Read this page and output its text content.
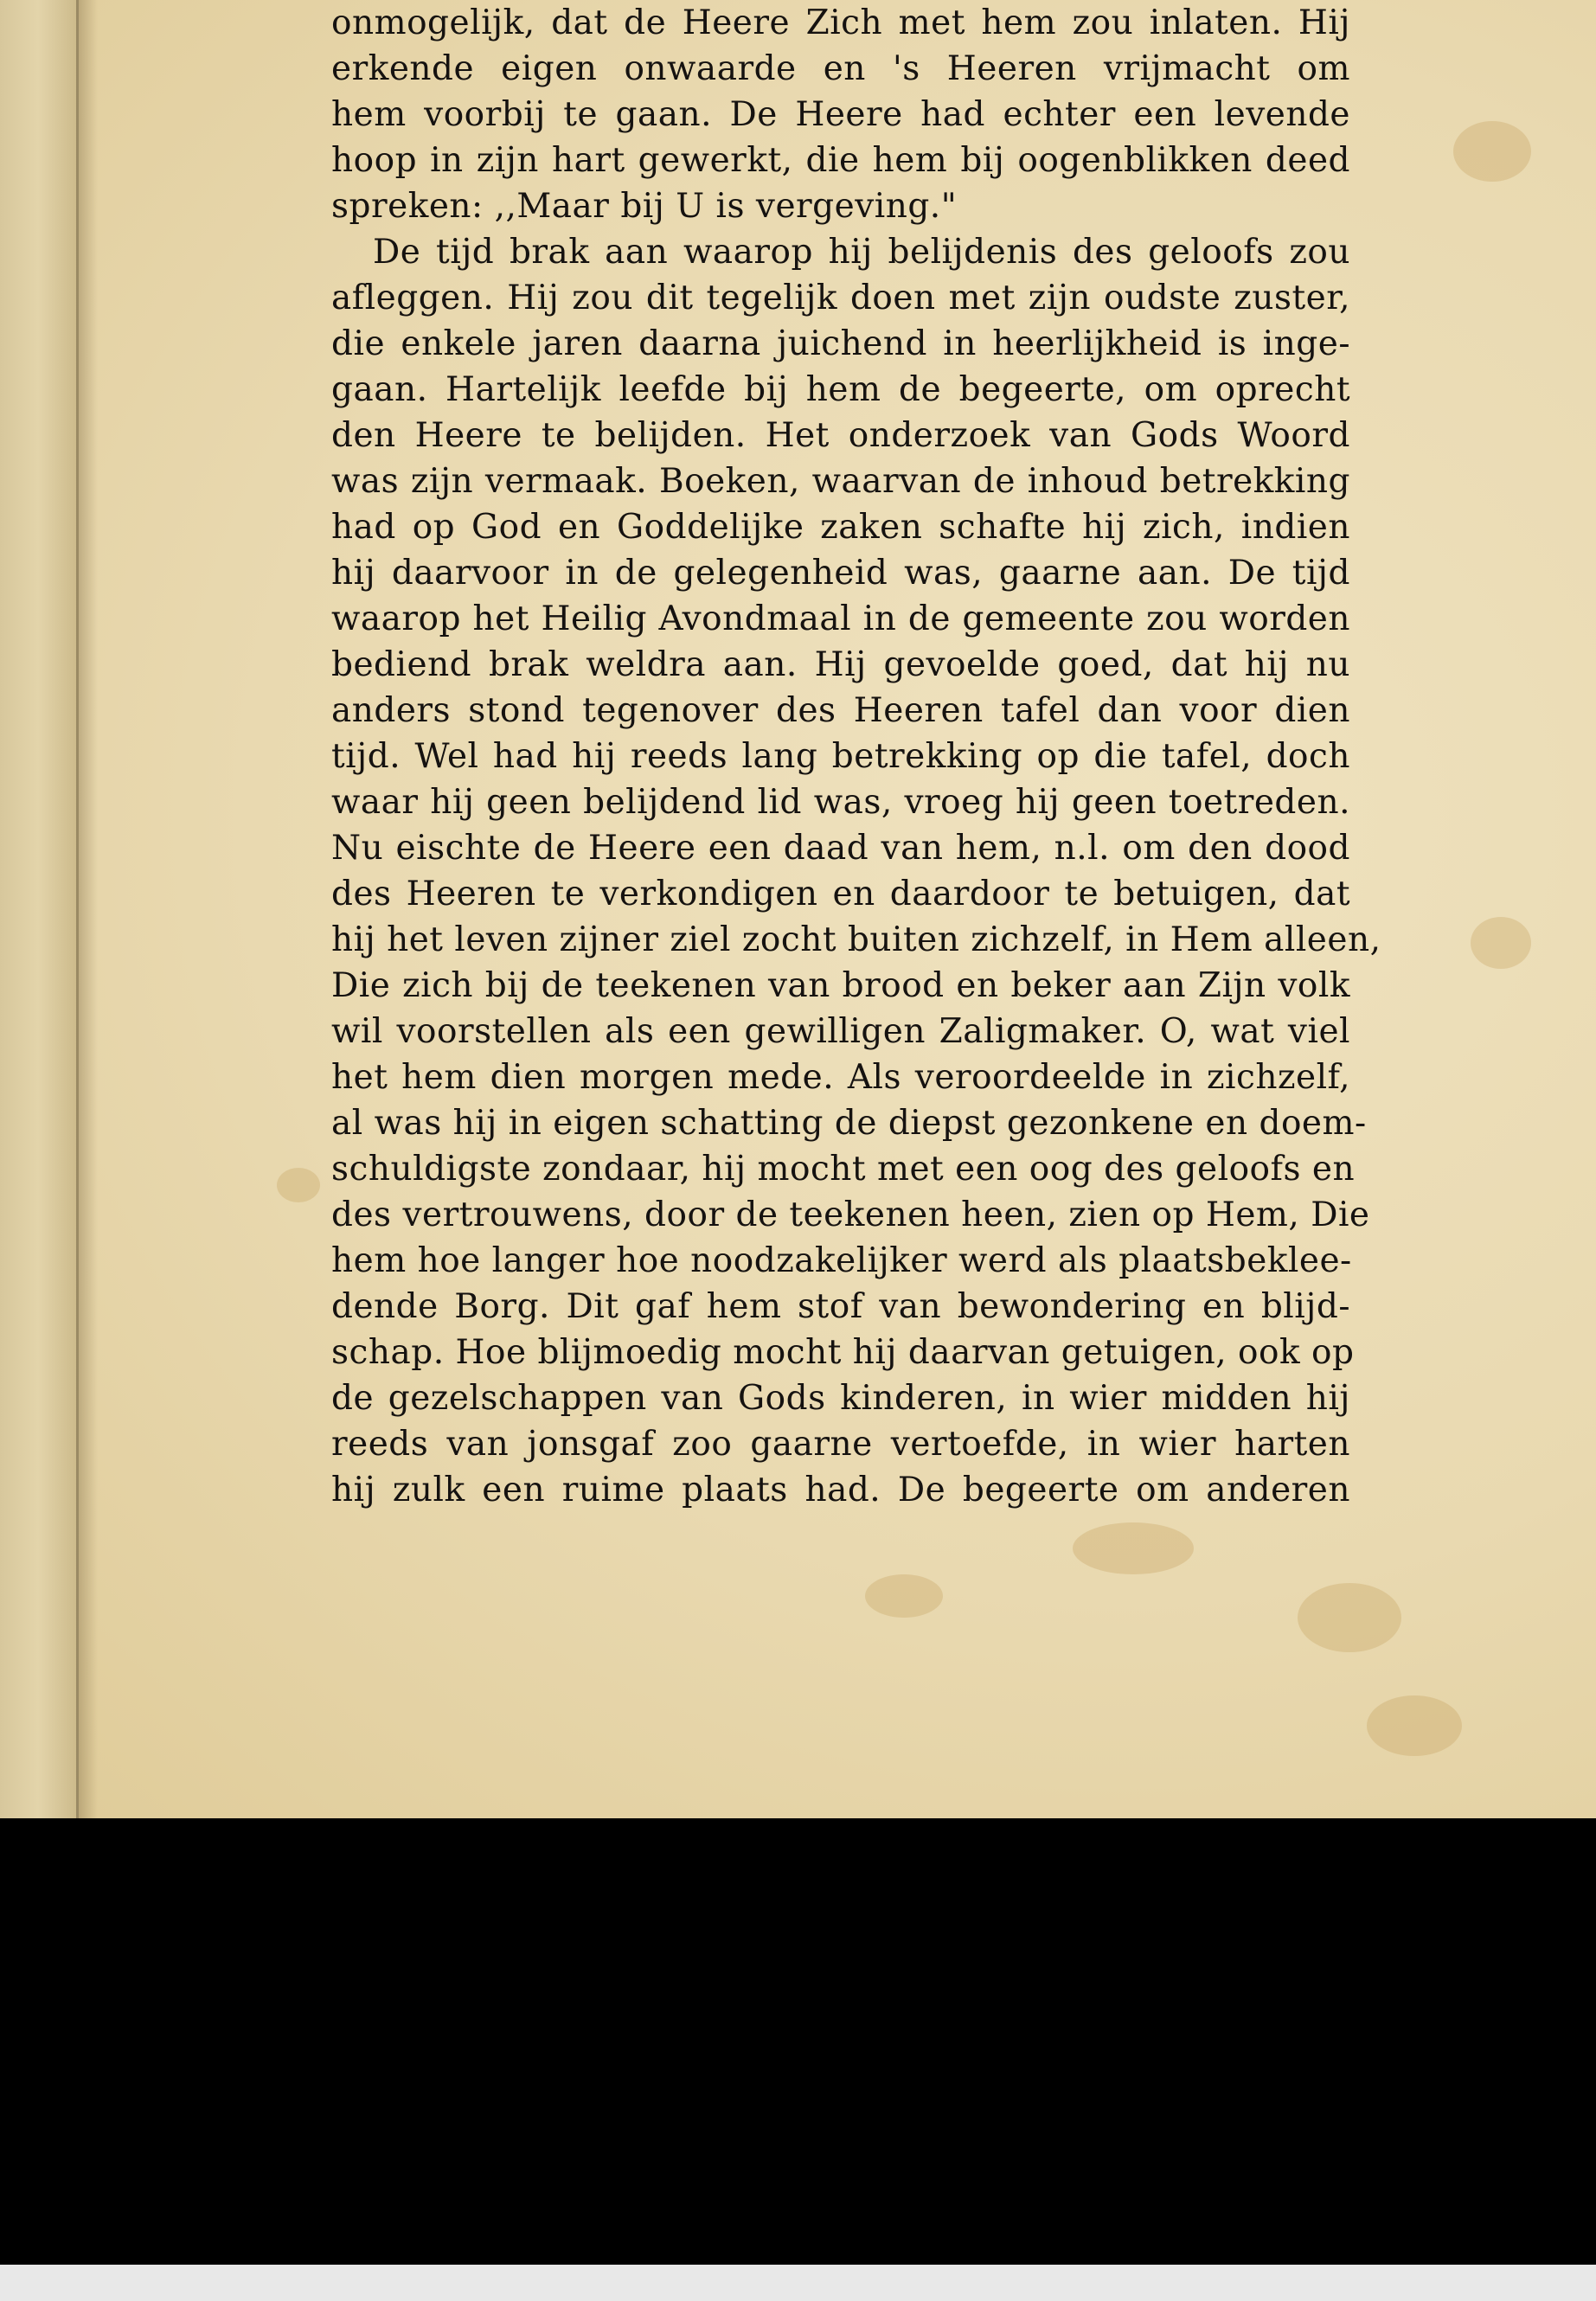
onmogelijk, dat de Heere Zich met hem zou inlaten. Hij
erkende eigen onwaarde en 's Heeren vrijmacht om
hem voorbij te gaan. De Heere had echter een levende
hoop in zijn hart gewerkt, die hem bij oogenblikken deed
spreken: ,,Maar bij U is vergeving."
De tijd brak aan waarop hij belijdenis des geloofs zou
afleggen. Hij zou dit tegelijk doen met zijn oudste zuster,
die enkele jaren daarna juichend in heerlijkheid is inge-
gaan. Hartelijk leefde bij hem de begeerte, om oprecht
den Heere te belijden. Het onderzoek van Gods Woord
was zijn vermaak. Boeken, waarvan de inhoud betrekking
had op God en Goddelijke zaken schafte hij zich, indien
hij daarvoor in de gelegenheid was, gaarne aan. De tijd
waarop het Heilig Avondmaal in de gemeente zou worden
bediend brak weldra aan. Hij gevoelde goed, dat hij nu
anders stond tegenover des Heeren tafel dan voor dien
tijd. Wel had hij reeds lang betrekking op die tafel, doch
waar hij geen belijdend lid was, vroeg hij geen toetreden.
Nu eischte de Heere een daad van hem, n.l. om den dood
des Heeren te verkondigen en daardoor te betuigen, dat
hij het leven zijner ziel zocht buiten zichzelf, in Hem alleen,
Die zich bij de teekenen van brood en beker aan Zijn volk
wil voorstellen als een gewilligen Zaligmaker. O, wat viel
het hem dien morgen mede. Als veroordeelde in zichzelf,
al was hij in eigen schatting de diepst gezonkene en doem-
schuldigste zondaar, hij mocht met een oog des geloofs en
des vertrouwens, door de teekenen heen, zien op Hem, Die
hem hoe langer hoe noodzakelijker werd als plaatsbeklee-
dende Borg. Dit gaf hem stof van bewondering en blijd-
schap. Hoe blijmoedig mocht hij daarvan getuigen, ook op
de gezelschappen van Gods kinderen, in wier midden hij
reeds van jonsgaf zoo gaarne vertoefde, in wier harten
hij zulk een ruime plaats had. De begeerte om anderen
